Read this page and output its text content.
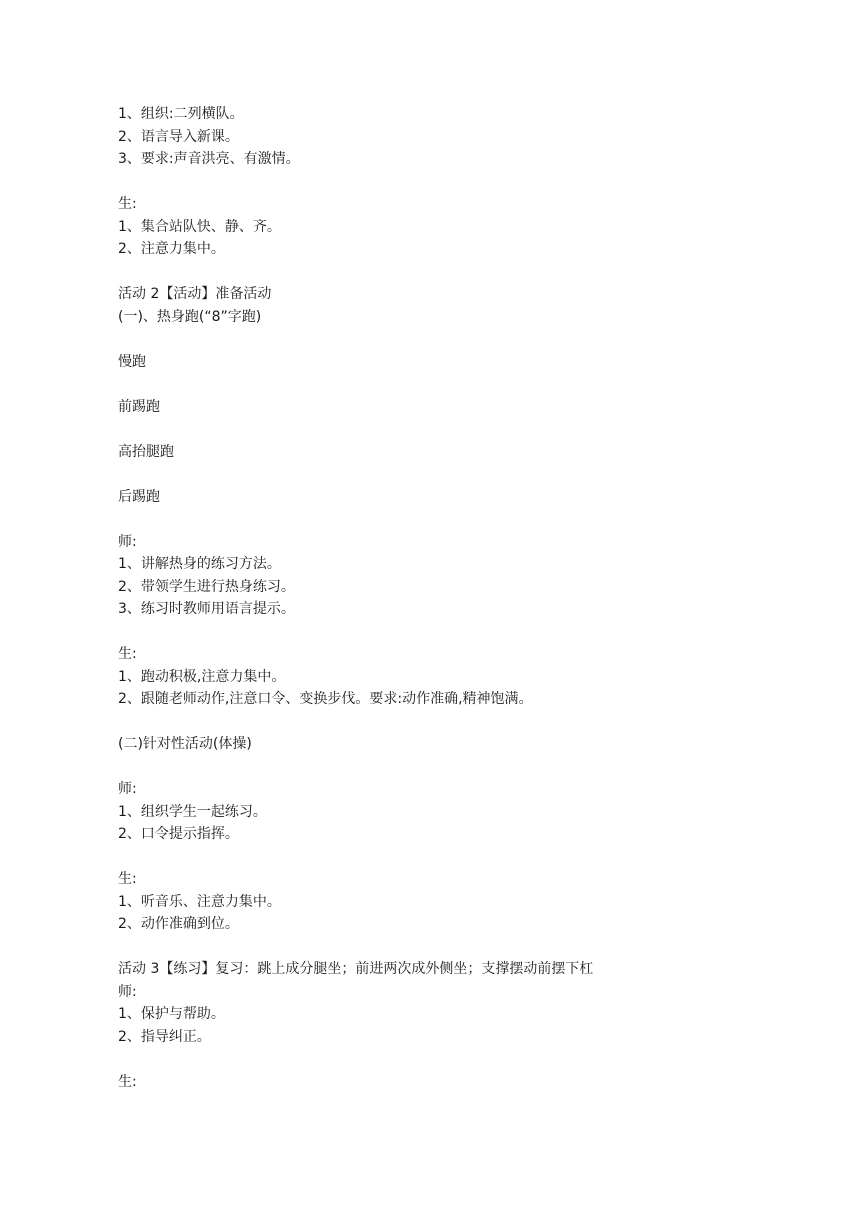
1、组织:二列横队。
2、语言导入新课。
3、要求:声音洪亮、有激情。
生:
1、集合站队快、静、齐。
2、注意力集中。
活动 2【活动】准备活动
(一)、热身跑(“8”字跑)
慢跑
前踢跑
高抬腿跑
后踢跑
师:
1、讲解热身的练习方法。
2、带领学生进行热身练习。
3、练习时教师用语言提示。
生:
1、跑动积极,注意力集中。
2、跟随老师动作,注意口令、变换步伐。要求:动作准确,精神饱满。
(二)针对性活动(体操)
师:
1、组织学生一起练习。
2、口令提示指挥。
生:
1、听音乐、注意力集中。
2、动作准确到位。
活动 3【练习】复习：跳上成分腿坐；前进两次成外侧坐；支撑摆动前摆下杠
师:
1、保护与帮助。
2、指导纠正。
生:
